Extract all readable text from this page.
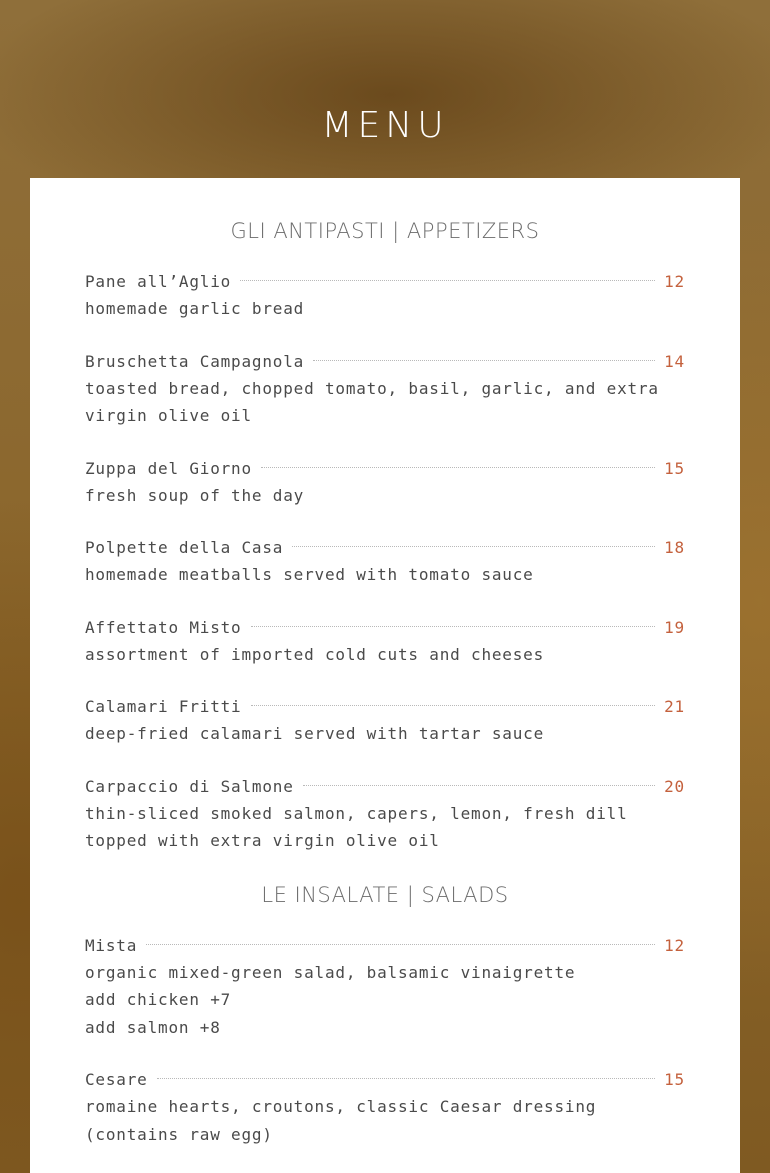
MENU
GLI ANTIPASTI | APPETIZERS
Pane all’Aglio	12
homemade garlic bread
Bruschetta Campagnola	14
toasted bread, chopped tomato, basil, garlic, and extra virgin olive oil
Zuppa del Giorno	15
fresh soup of the day
Polpette della Casa	18
homemade meatballs served with tomato sauce
Affettato Misto	19
assortment of imported cold cuts and cheeses
Calamari Fritti	21
deep-fried calamari served with tartar sauce
Carpaccio di Salmone	20
thin-sliced smoked salmon, capers, lemon, fresh dill topped with extra virgin olive oil
LE INSALATE | SALADS
Mista	12
organic mixed-green salad, balsamic vinaigrette
add chicken +7
add salmon +8
Cesare	15
romaine hearts, croutons, classic Caesar dressing (contains raw egg)
